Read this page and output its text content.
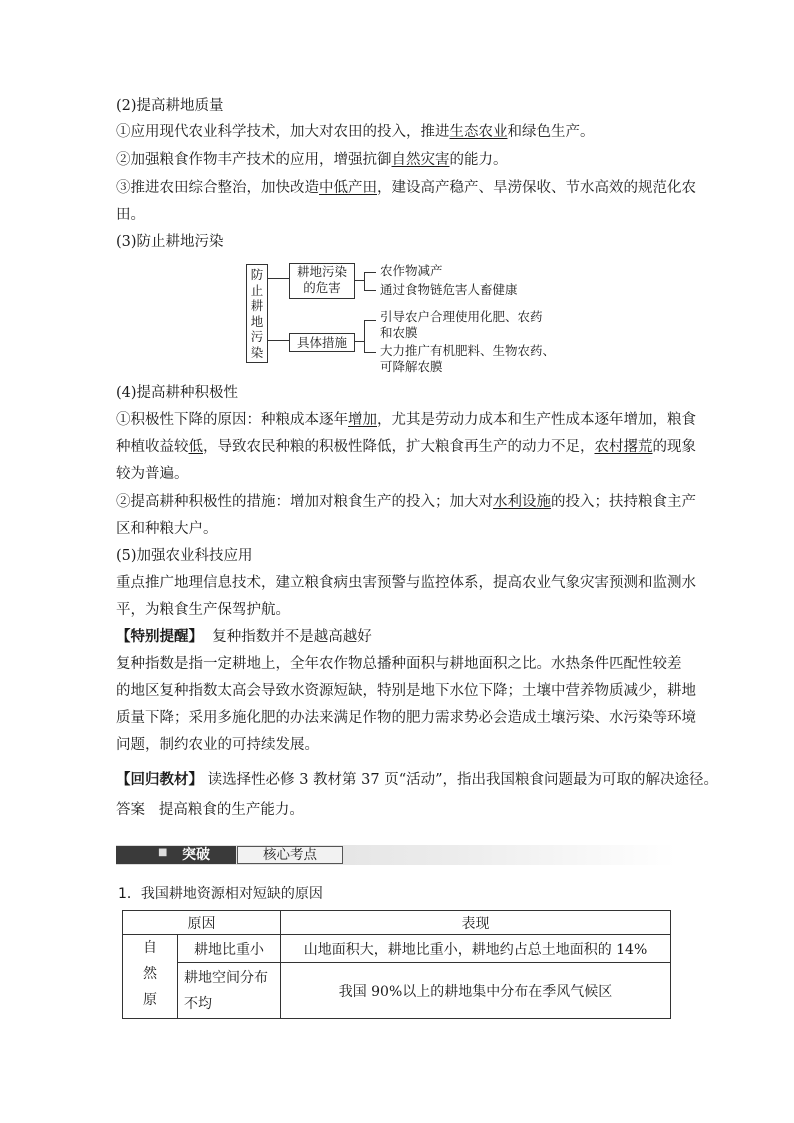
(2)提高耕地质量
①应用现代农业科学技术，加大对农田的投入，推进生态农业和绿色生产。
②加强粮食作物丰产技术的应用，增强抗御自然灾害的能力。
③推进农田综合整治，加快改造中低产田，建设高产稳产、旱涝保收、节水高效的规范化农
田。
(3)防止耕地污染
防
止
耕
地
污
染
耕地污染
的危害
农作物减产
通过食物链危害人畜健康
具体措施
引导农户合理使用化肥、农药
和农膜
大力推广有机肥料、生物农药、
可降解农膜
(4)提高耕种积极性
①积极性下降的原因：种粮成本逐年增加，尤其是劳动力成本和生产性成本逐年增加，粮食
种植收益较低，导致农民种粮的积极性降低，扩大粮食再生产的动力不足，农村撂荒的现象
较为普遍。
②提高耕种积极性的措施：增加对粮食生产的投入；加大对水利设施的投入；扶持粮食主产
区和种粮大户。
(5)加强农业科技应用
重点推广地理信息技术，建立粮食病虫害预警与监控体系，提高农业气象灾害预测和监测水
平，为粮食生产保驾护航。
【特别提醒】 复种指数并不是越高越好
复种指数是指一定耕地上，全年农作物总播种面积与耕地面积之比。水热条件匹配性较差
的地区复种指数太高会导致水资源短缺，特别是地下水位下降；土壤中营养物质减少，耕地
质量下降；采用多施化肥的办法来满足作物的肥力需求势必会造成土壤污染、水污染等环境
问题，制约农业的可持续发展。
【回归教材】 读选择性必修 3 教材第 37 页“活动”，指出我国粮食问题最为可取的解决途径。
答案 提高粮食的生产能力。
■ 突破	核心考点
1．我国耕地资源相对短缺的原因
原因		表现

自
然
原	耕地比重小	山地面积大，耕地比重小，耕地约占总土地面积的 14%

	耕地空间分布
不均	我国 90%以上的耕地集中分布在季风气候区
